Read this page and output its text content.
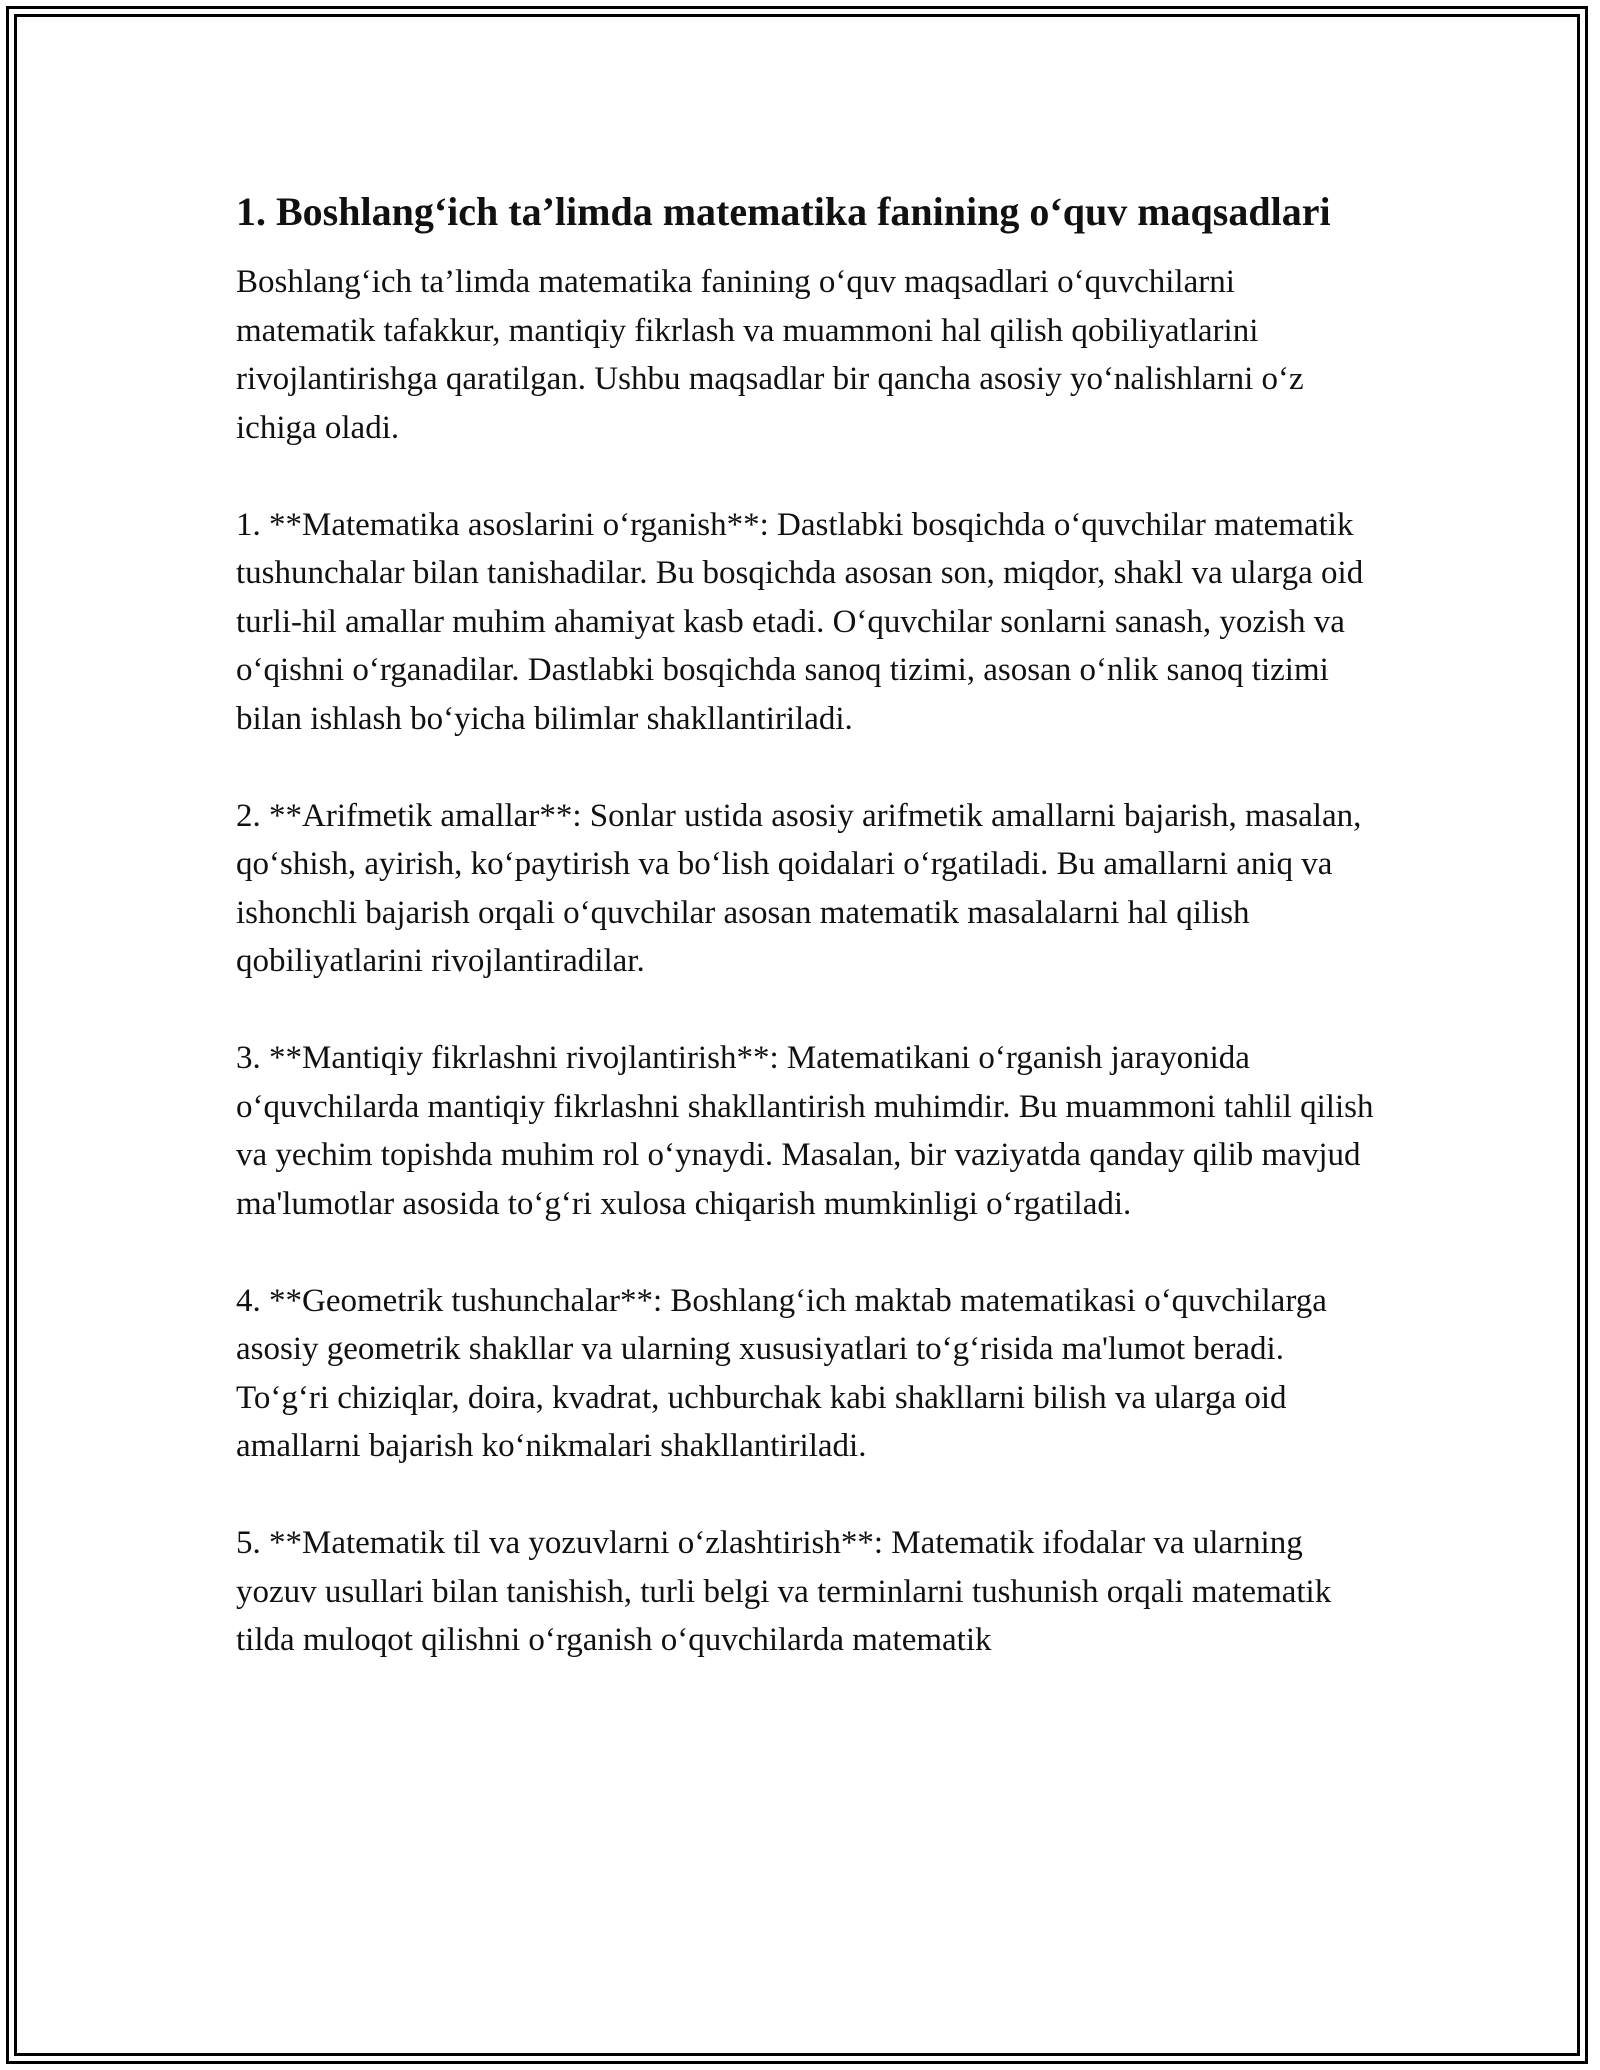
1. Boshlang‘ich ta’limda matematika fanining o‘quv maqsadlari

Boshlang‘ich ta’limda matematika fanining o‘quv maqsadlari o‘quvchilarni matematik tafakkur, mantiqiy fikrlash va muammoni hal qilish qobiliyatlarini rivojlantirishga qaratilgan. Ushbu maqsadlar bir qancha asosiy yo‘nalishlarni o‘z ichiga oladi.

1. **Matematika asoslarini o‘rganish**: Dastlabki bosqichda o‘quvchilar matematik tushunchalar bilan tanishadilar. Bu bosqichda asosan son, miqdor, shakl va ularga oid turli-hil amallar muhim ahamiyat kasb etadi. O‘quvchilar sonlarni sanash, yozish va o‘qishni o‘rganadilar. Dastlabki bosqichda sanoq tizimi, asosan o‘nlik sanoq tizimi bilan ishlash bo‘yicha bilimlar shakllantiriladi.

2. **Arifmetik amallar**: Sonlar ustida asosiy arifmetik amallarni bajarish, masalan, qo‘shish, ayirish, ko‘paytirish va bo‘lish qoidalari o‘rgatiladi. Bu amallarni aniq va ishonchli bajarish orqali o‘quvchilar asosan matematik masalalarni hal qilish qobiliyatlarini rivojlantiradilar.

3. **Mantiqiy fikrlashni rivojlantirish**: Matematikani o‘rganish jarayonida o‘quvchilarda mantiqiy fikrlashni shakllantirish muhimdir. Bu muammoni tahlil qilish va yechim topishda muhim rol o‘ynaydi. Masalan, bir vaziyatda qanday qilib mavjud ma'lumotlar asosida to‘g‘ri xulosa chiqarish mumkinligi o‘rgatiladi.

4. **Geometrik tushunchalar**: Boshlang‘ich maktab matematikasi o‘quvchilarga asosiy geometrik shakllar va ularning xususiyatlari to‘g‘risida ma'lumot beradi. To‘g‘ri chiziqlar, doira, kvadrat, uchburchak kabi shakllarni bilish va ularga oid amallarni bajarish ko‘nikmalari shakllantiriladi.

5. **Matematik til va yozuvlarni o‘zlashtirish**: Matematik ifodalar va ularning yozuv usullari bilan tanishish, turli belgi va terminlarni tushunish orqali matematik tilda muloqot qilishni o‘rganish o‘quvchilarda matematik
